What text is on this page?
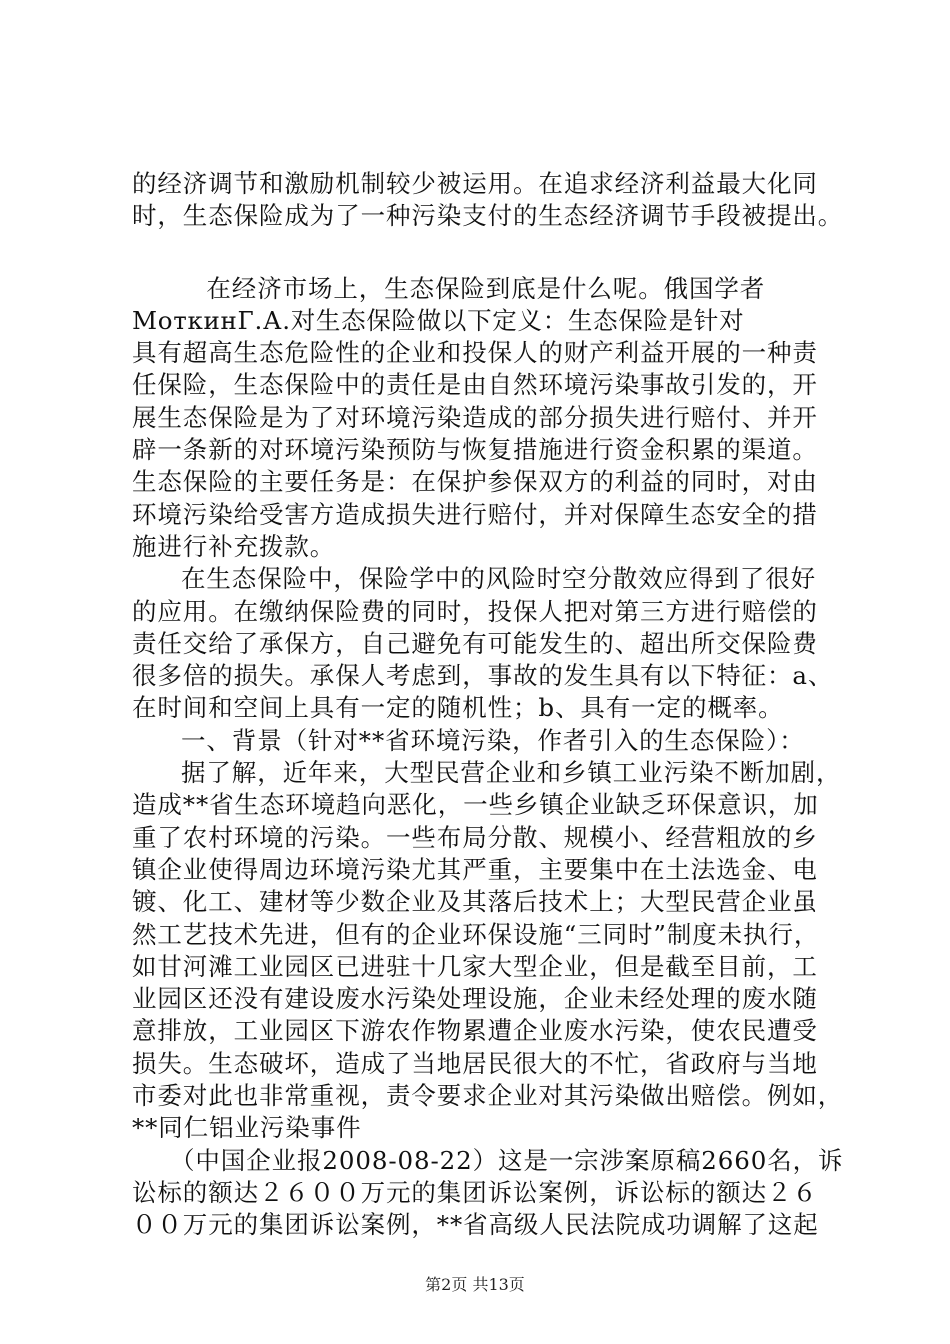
的经济调节和激励机制较少被运用。在追求经济利益最大化同
时，生态保险成为了一种污染支付的生态经济调节手段被提出。
　在经济市场上，生态保险到底是什么呢。俄国学者
МоткинГ.А.对生态保险做以下定义：生态保险是针对
具有超高生态危险性的企业和投保人的财产利益开展的一种责
任保险，生态保险中的责任是由自然环境污染事故引发的，开
展生态保险是为了对环境污染造成的部分损失进行赔付、并开
辟一条新的对环境污染预防与恢复措施进行资金积累的渠道。
生态保险的主要任务是：在保护参保双方的利益的同时，对由
环境污染给受害方造成损失进行赔付，并对保障生态安全的措
施进行补充拨款。
在生态保险中，保险学中的风险时空分散效应得到了很好
的应用。在缴纳保险费的同时，投保人把对第三方进行赔偿的
责任交给了承保方，自己避免有可能发生的、超出所交保险费
很多倍的损失。承保人考虑到，事故的发生具有以下特征：a、
在时间和空间上具有一定的随机性；b、具有一定的概率。
一、背景（针对**省环境污染，作者引入的生态保险）：
据了解，近年来，大型民营企业和乡镇工业污染不断加剧，
造成**省生态环境趋向恶化，一些乡镇企业缺乏环保意识，加
重了农村环境的污染。一些布局分散、规模小、经营粗放的乡
镇企业使得周边环境污染尤其严重，主要集中在土法选金、电
镀、化工、建材等少数企业及其落后技术上；大型民营企业虽
然工艺技术先进，但有的企业环保设施“三同时”制度未执行，
如甘河滩工业园区已进驻十几家大型企业，但是截至目前，工
业园区还没有建设废水污染处理设施，企业未经处理的废水随
意排放，工业园区下游农作物累遭企业废水污染，使农民遭受
损失。生态破坏，造成了当地居民很大的不忙，省政府与当地
市委对此也非常重视，责令要求企业对其污染做出赔偿。例如，
**同仁铝业污染事件
（中国企业报2008-08-22）这是一宗涉案原稿2660名，诉
讼标的额达２６００万元的集团诉讼案例，诉讼标的额达２６
００万元的集团诉讼案例，**省高级人民法院成功调解了这起
第2页 共13页
